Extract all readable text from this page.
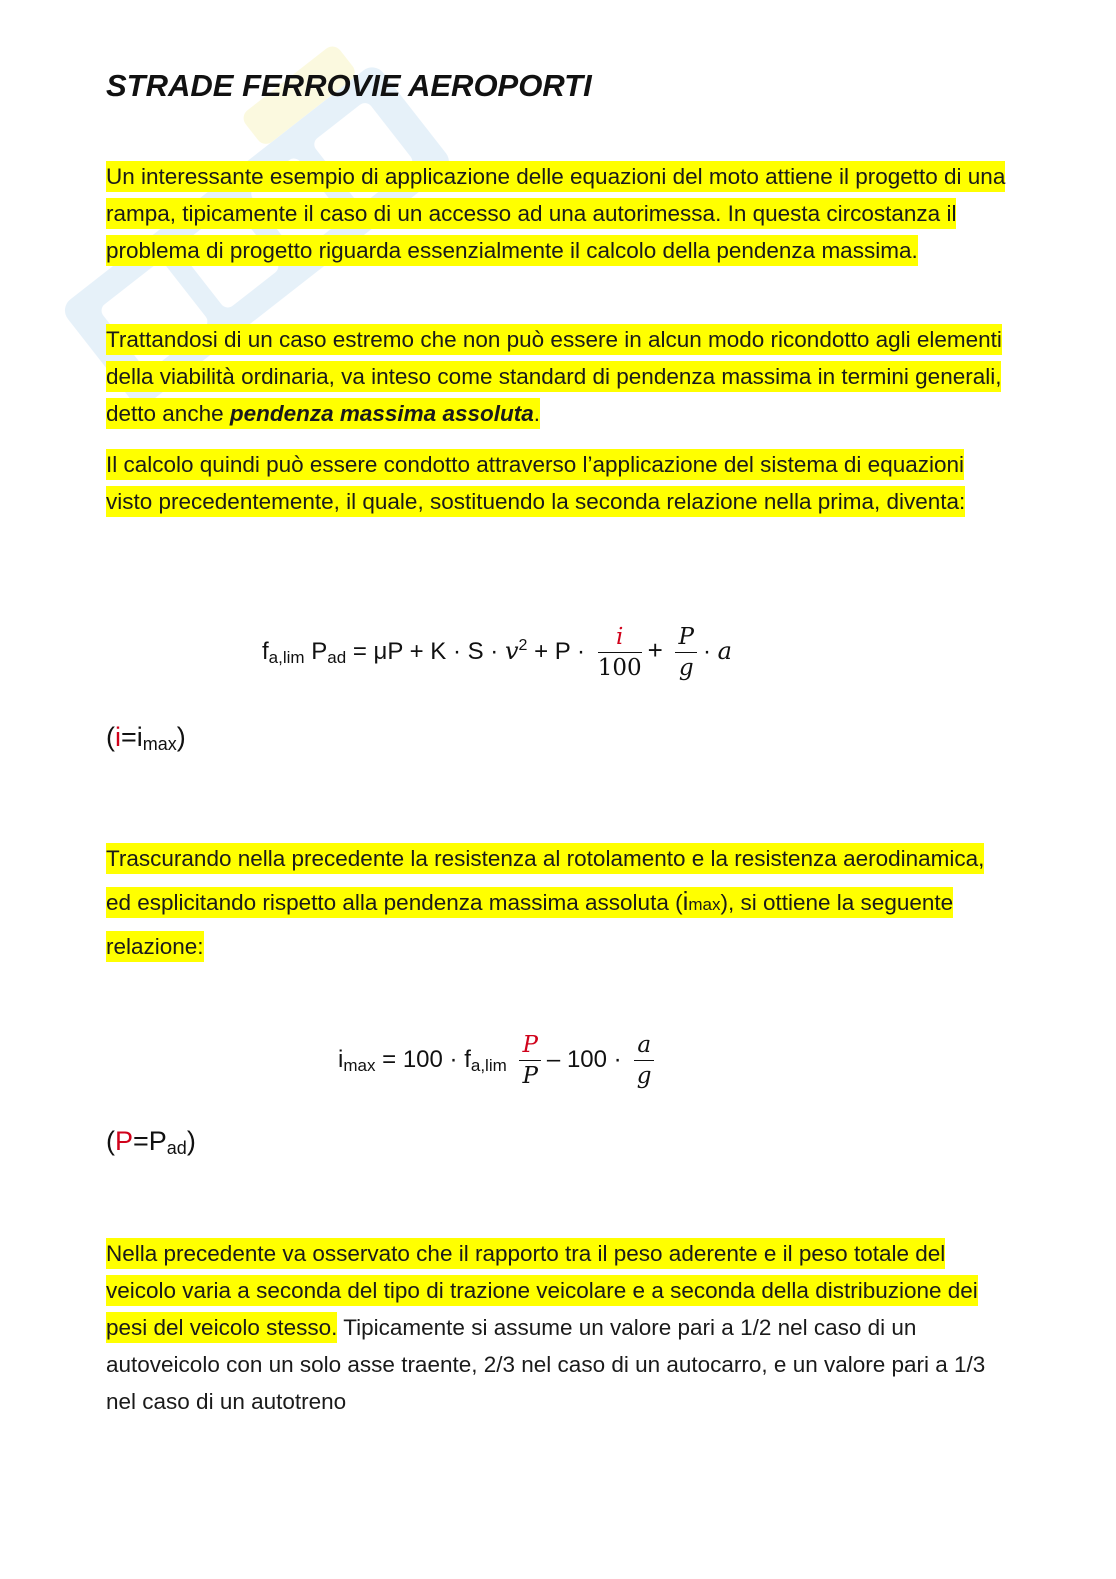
STRADE FERROVIE AEROPORTI

Un interessante esempio di applicazione delle equazioni del moto attiene il progetto di una rampa, tipicamente il caso di un accesso ad una autorimessa. In questa circostanza il problema di progetto riguarda essenzialmente il calcolo della pendenza massima.

Trattandosi di un caso estremo che non può essere in alcun modo ricondotto agli elementi della viabilità ordinaria, va inteso come standard di pendenza massima in termini generali, detto anche pendenza massima assoluta.

Il calcolo quindi può essere condotto attraverso l’applicazione del sistema di equazioni visto precedentemente, il quale, sostituendo la seconda relazione nella prima, diventa:

fa,lim Pad = $\mu P + K \cdot S \cdot v^2 + P \cdot \frac{i}{100} + \frac{P}{g} \cdot a$
(i=imax)

Trascurando nella precedente la resistenza al rotolamento e la resistenza aerodinamica, ed esplicitando rispetto alla pendenza massima assoluta (imax), si ottiene la seguente relazione:

$imax = 100 \cdot fa,\lim \frac{P}{P} - 100 \cdot \frac{a}{g}$
(P=Pad)

Nella precedente va osservato che il rapporto tra il peso aderente e il peso totale del veicolo varia a seconda del tipo di trazione veicolare e a seconda della distribuzione dei pesi del veicolo stesso. Tipicamente si assume un valore pari a 1/2 nel caso di un autoveicolo con un solo asse traente, 2/3 nel caso di un autocarro, e un valore pari a 1/3 nel caso di un autotreno
